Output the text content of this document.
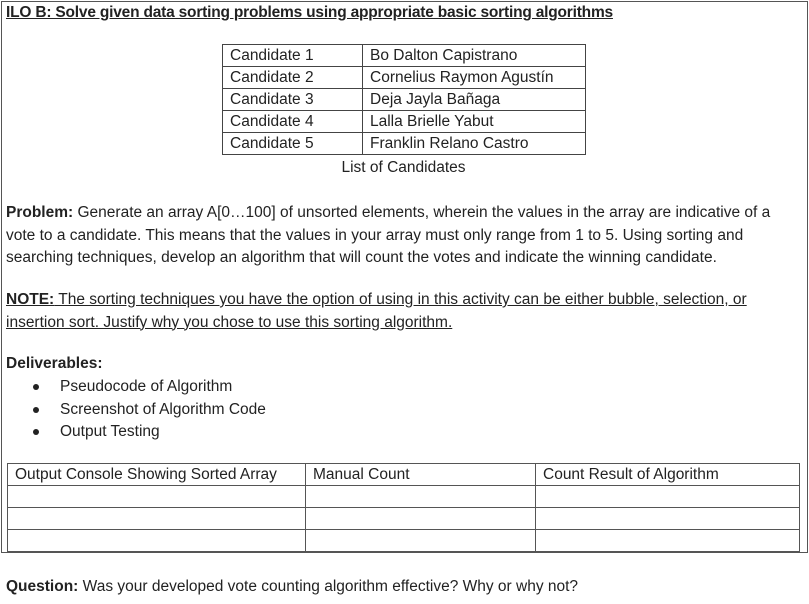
ILO B: Solve given data sorting problems using appropriate basic sorting algorithms
Candidate 1	Bo Dalton Capistrano
Candidate 2	Cornelius Raymon Agustín
Candidate 3	Deja Jayla Bañaga
Candidate 4	Lalla Brielle Yabut
Candidate 5	Franklin Relano Castro
List of Candidates
Problem: Generate an array A[0…100] of unsorted elements, wherein the values in the array are indicative of a vote to a candidate. This means that the values in your array must only range from 1 to 5. Using sorting and searching techniques, develop an algorithm that will count the votes and indicate the winning candidate.
NOTE: The sorting techniques you have the option of using in this activity can be either bubble, selection, or insertion sort. Justify why you chose to use this sorting algorithm.
Deliverables:
Pseudocode of Algorithm
Screenshot of Algorithm Code
Output Testing
Output Console Showing Sorted Array	Manual Count	Count Result of Algorithm

Question: Was your developed vote counting algorithm effective? Why or why not?
